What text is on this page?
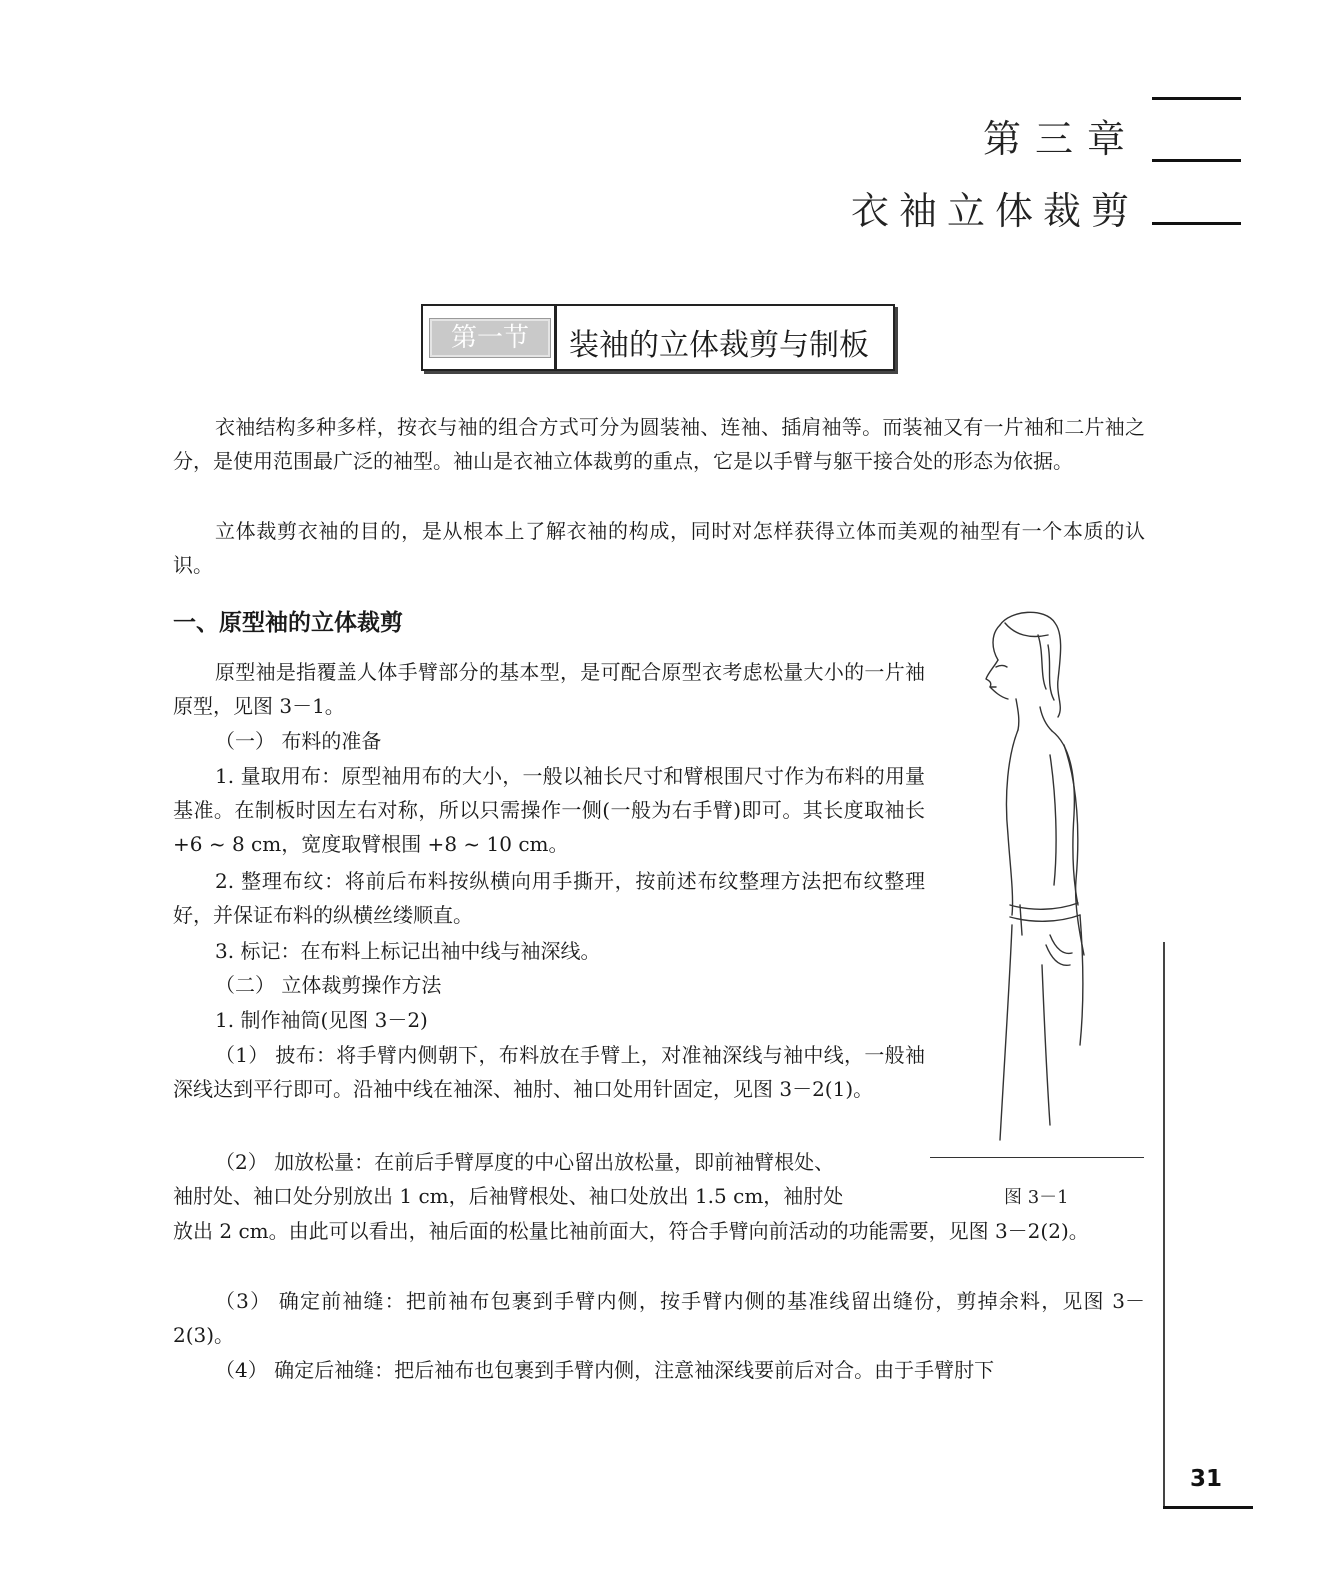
第三章
衣袖立体裁剪
第一节	装袖的立体裁剪与制板

衣袖结构多种多样，按衣与袖的组合方式可分为圆装袖、连袖、插肩袖等。而装袖又有一片袖和二片袖之分，是使用范围最广泛的袖型。袖山是衣袖立体裁剪的重点，它是以手臂与躯干接合处的形态为依据。

立体裁剪衣袖的目的，是从根本上了解衣袖的构成，同时对怎样获得立体而美观的袖型有一个本质的认识。

一、原型袖的立体裁剪

原型袖是指覆盖人体手臂部分的基本型，是可配合原型衣考虑松量大小的一片袖原型，见图 3－1。

（一） 布料的准备

1. 量取用布：原型袖用布的大小，一般以袖长尺寸和臂根围尺寸作为布料的用量基准。在制板时因左右对称，所以只需操作一侧(一般为右手臂)即可。其长度取袖长 +6 ~ 8 cm，宽度取臂根围 +8 ~ 10 cm。

2. 整理布纹：将前后布料按纵横向用手撕开，按前述布纹整理方法把布纹整理好，并保证布料的纵横丝缕顺直。

3. 标记：在布料上标记出袖中线与袖深线。

（二） 立体裁剪操作方法

1. 制作袖筒(见图 3－2)

（1） 披布：将手臂内侧朝下，布料放在手臂上，对准袖深线与袖中线，一般袖深线达到平行即可。沿袖中线在袖深、袖肘、袖口处用针固定，见图 3－2(1)。

（2） 加放松量：在前后手臂厚度的中心留出放松量，即前袖臂根处、
袖肘处、袖口处分别放出 1 cm，后袖臂根处、袖口处放出 1.5 cm，袖肘处

放出 2 cm。由此可以看出，袖后面的松量比袖前面大，符合手臂向前活动的功能需要，见图 3－2(2)。

（3） 确定前袖缝：把前袖布包裹到手臂内侧，按手臂内侧的基准线留出缝份，剪掉余料，见图 3－2(3)。

（4） 确定后袖缝：把后袖布也包裹到手臂内侧，注意袖深线要前后对合。由于手臂肘下

图 3－1
31
